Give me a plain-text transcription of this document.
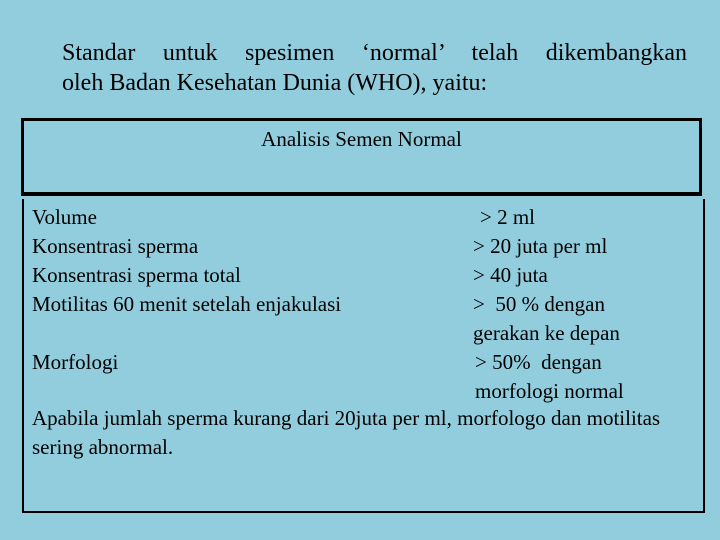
Standar untuk spesimen ‘normal’ telah dikembangkan
oleh Badan Kesehatan Dunia (WHO), yaitu:
Analisis Semen Normal
Volume	> 2 ml
Konsentrasi sperma	> 20 juta per ml
Konsentrasi sperma total	> 40 juta
Motilitas 60 menit setelah enjakulasi	>  50 % dengan
gerakan ke depan
Morfologi	> 50%  dengan
morfologi normal
Apabila jumlah sperma kurang dari 20juta per ml, morfologo dan motilitas sering abnormal.
